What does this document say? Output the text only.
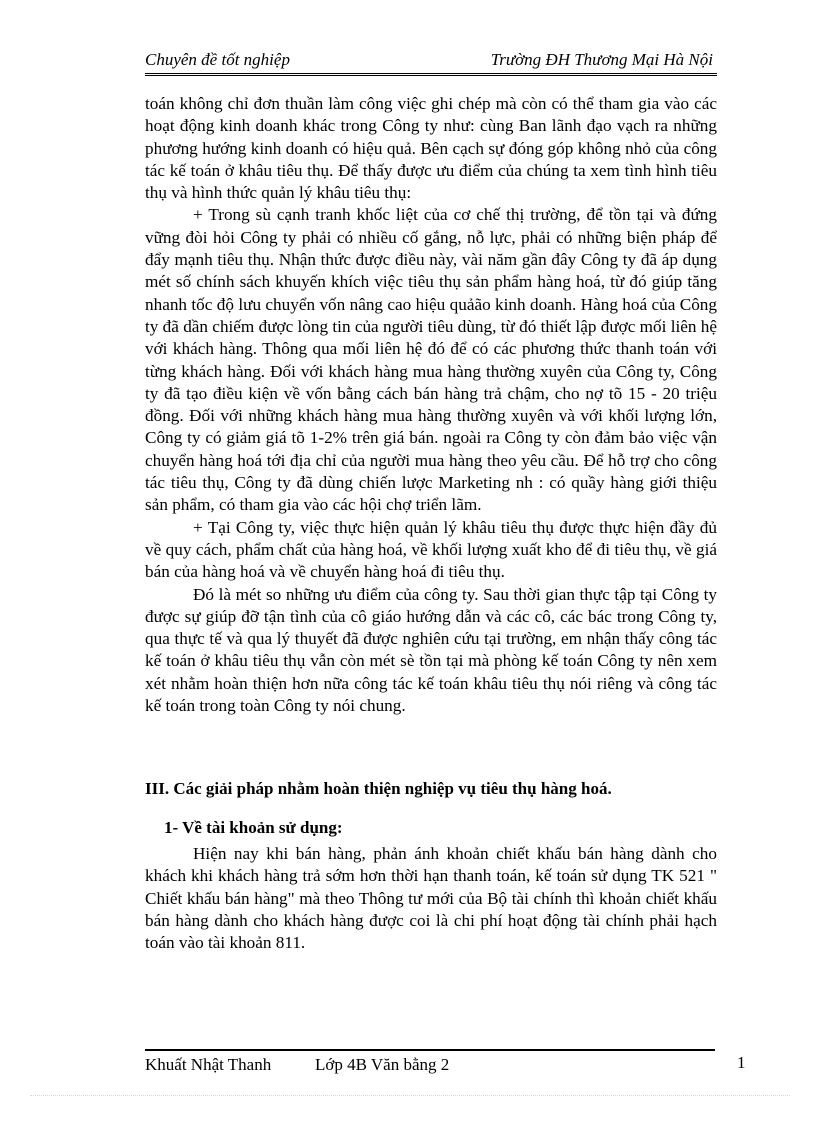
Chuyên đề tốt nghiệp	Trường ĐH Thương Mại Hà Nội

toán không chỉ đơn thuần làm công việc ghi chép mà còn có thể tham gia vào các hoạt động kinh doanh khác trong Công ty như: cùng Ban lãnh đạo vạch ra những phương hướng kinh doanh có hiệu quả. Bên cạch sự đóng góp không nhỏ của công tác kế toán ở khâu tiêu thụ. Để thấy được ưu điểm của chúng ta xem tình hình tiêu thụ và hình thức quản lý khâu tiêu thụ:

+ Trong sù cạnh tranh khốc liệt của cơ chế thị trường, để tồn tại và đứng vững đòi hỏi Công ty phải có nhiều cố gắng, nỗ lực, phải có những biện pháp để đẩy mạnh tiêu thụ. Nhận thức được điều này, vài năm gần đây Công ty đã áp dụng mét số chính sách khuyến khích việc tiêu thụ sản phẩm hàng hoá, từ đó giúp tăng nhanh tốc độ lưu chuyển vốn nâng cao hiệu quảão kinh doanh. Hàng hoá của Công ty đã dần chiếm được lòng tin của người tiêu dùng, từ đó thiết lập được mối liên hệ với khách hàng. Thông qua mối liên hệ đó để có các phương thức thanh toán với từng khách hàng. Đối với khách hàng mua hàng thường xuyên của Công ty, Công ty đã tạo điều kiện về vốn bằng cách bán hàng trả chậm, cho nợ tõ 15 - 20 triệu đồng. Đối với những khách hàng mua hàng thường xuyên và với khối lượng lớn, Công ty có giảm giá tõ 1-2% trên giá bán. ngoài ra Công ty còn đảm bảo việc vận chuyển hàng hoá tới địa chỉ của người mua hàng theo yêu cầu. Để hỗ trợ cho công tác tiêu thụ, Công ty đã dùng chiến lược Marketing nh : có quầy hàng giới thiệu sản phẩm, có tham gia vào các hội chợ triển lãm.

+ Tại Công ty, việc thực hiện quản lý khâu tiêu thụ được thực hiện đầy đủ về quy cách, phẩm chất của hàng hoá, về khối lượng xuất kho để đi tiêu thụ, về giá bán của hàng hoá và về chuyển hàng hoá đi tiêu thụ.

Đó là mét so những ưu điểm của công ty. Sau thời gian thực tập tại Công ty được sự giúp đỡ tận tình của cô giáo hướng dẫn và các cô, các bác trong Công ty, qua thực tế và qua lý thuyết đã được nghiên cứu tại trường, em nhận thấy công tác kế toán ở khâu tiêu thụ vẫn còn mét sè tồn tại mà phòng kế toán Công ty nên xem xét nhằm hoàn thiện hơn nữa công tác kế toán khâu tiêu thụ nói riêng và công tác kế toán trong toàn Công ty nói chung.

III. Các giải pháp nhằm hoàn thiện nghiệp vụ tiêu thụ hàng hoá.
1- Về tài khoản sử dụng:

Hiện nay khi bán hàng, phản ánh khoản chiết khấu bán hàng dành cho khách khi khách hàng trả sớm hơn thời hạn thanh toán, kế toán sử dụng TK 521 " Chiết khấu bán hàng" mà theo Thông tư mới của Bộ tài chính thì khoản chiết khấu bán hàng dành cho khách hàng được coi là chi phí hoạt động tài chính phải hạch toán vào tài khoản 811.

Khuất Nhật Thanh	Lớp 4B Văn bằng 2	1
